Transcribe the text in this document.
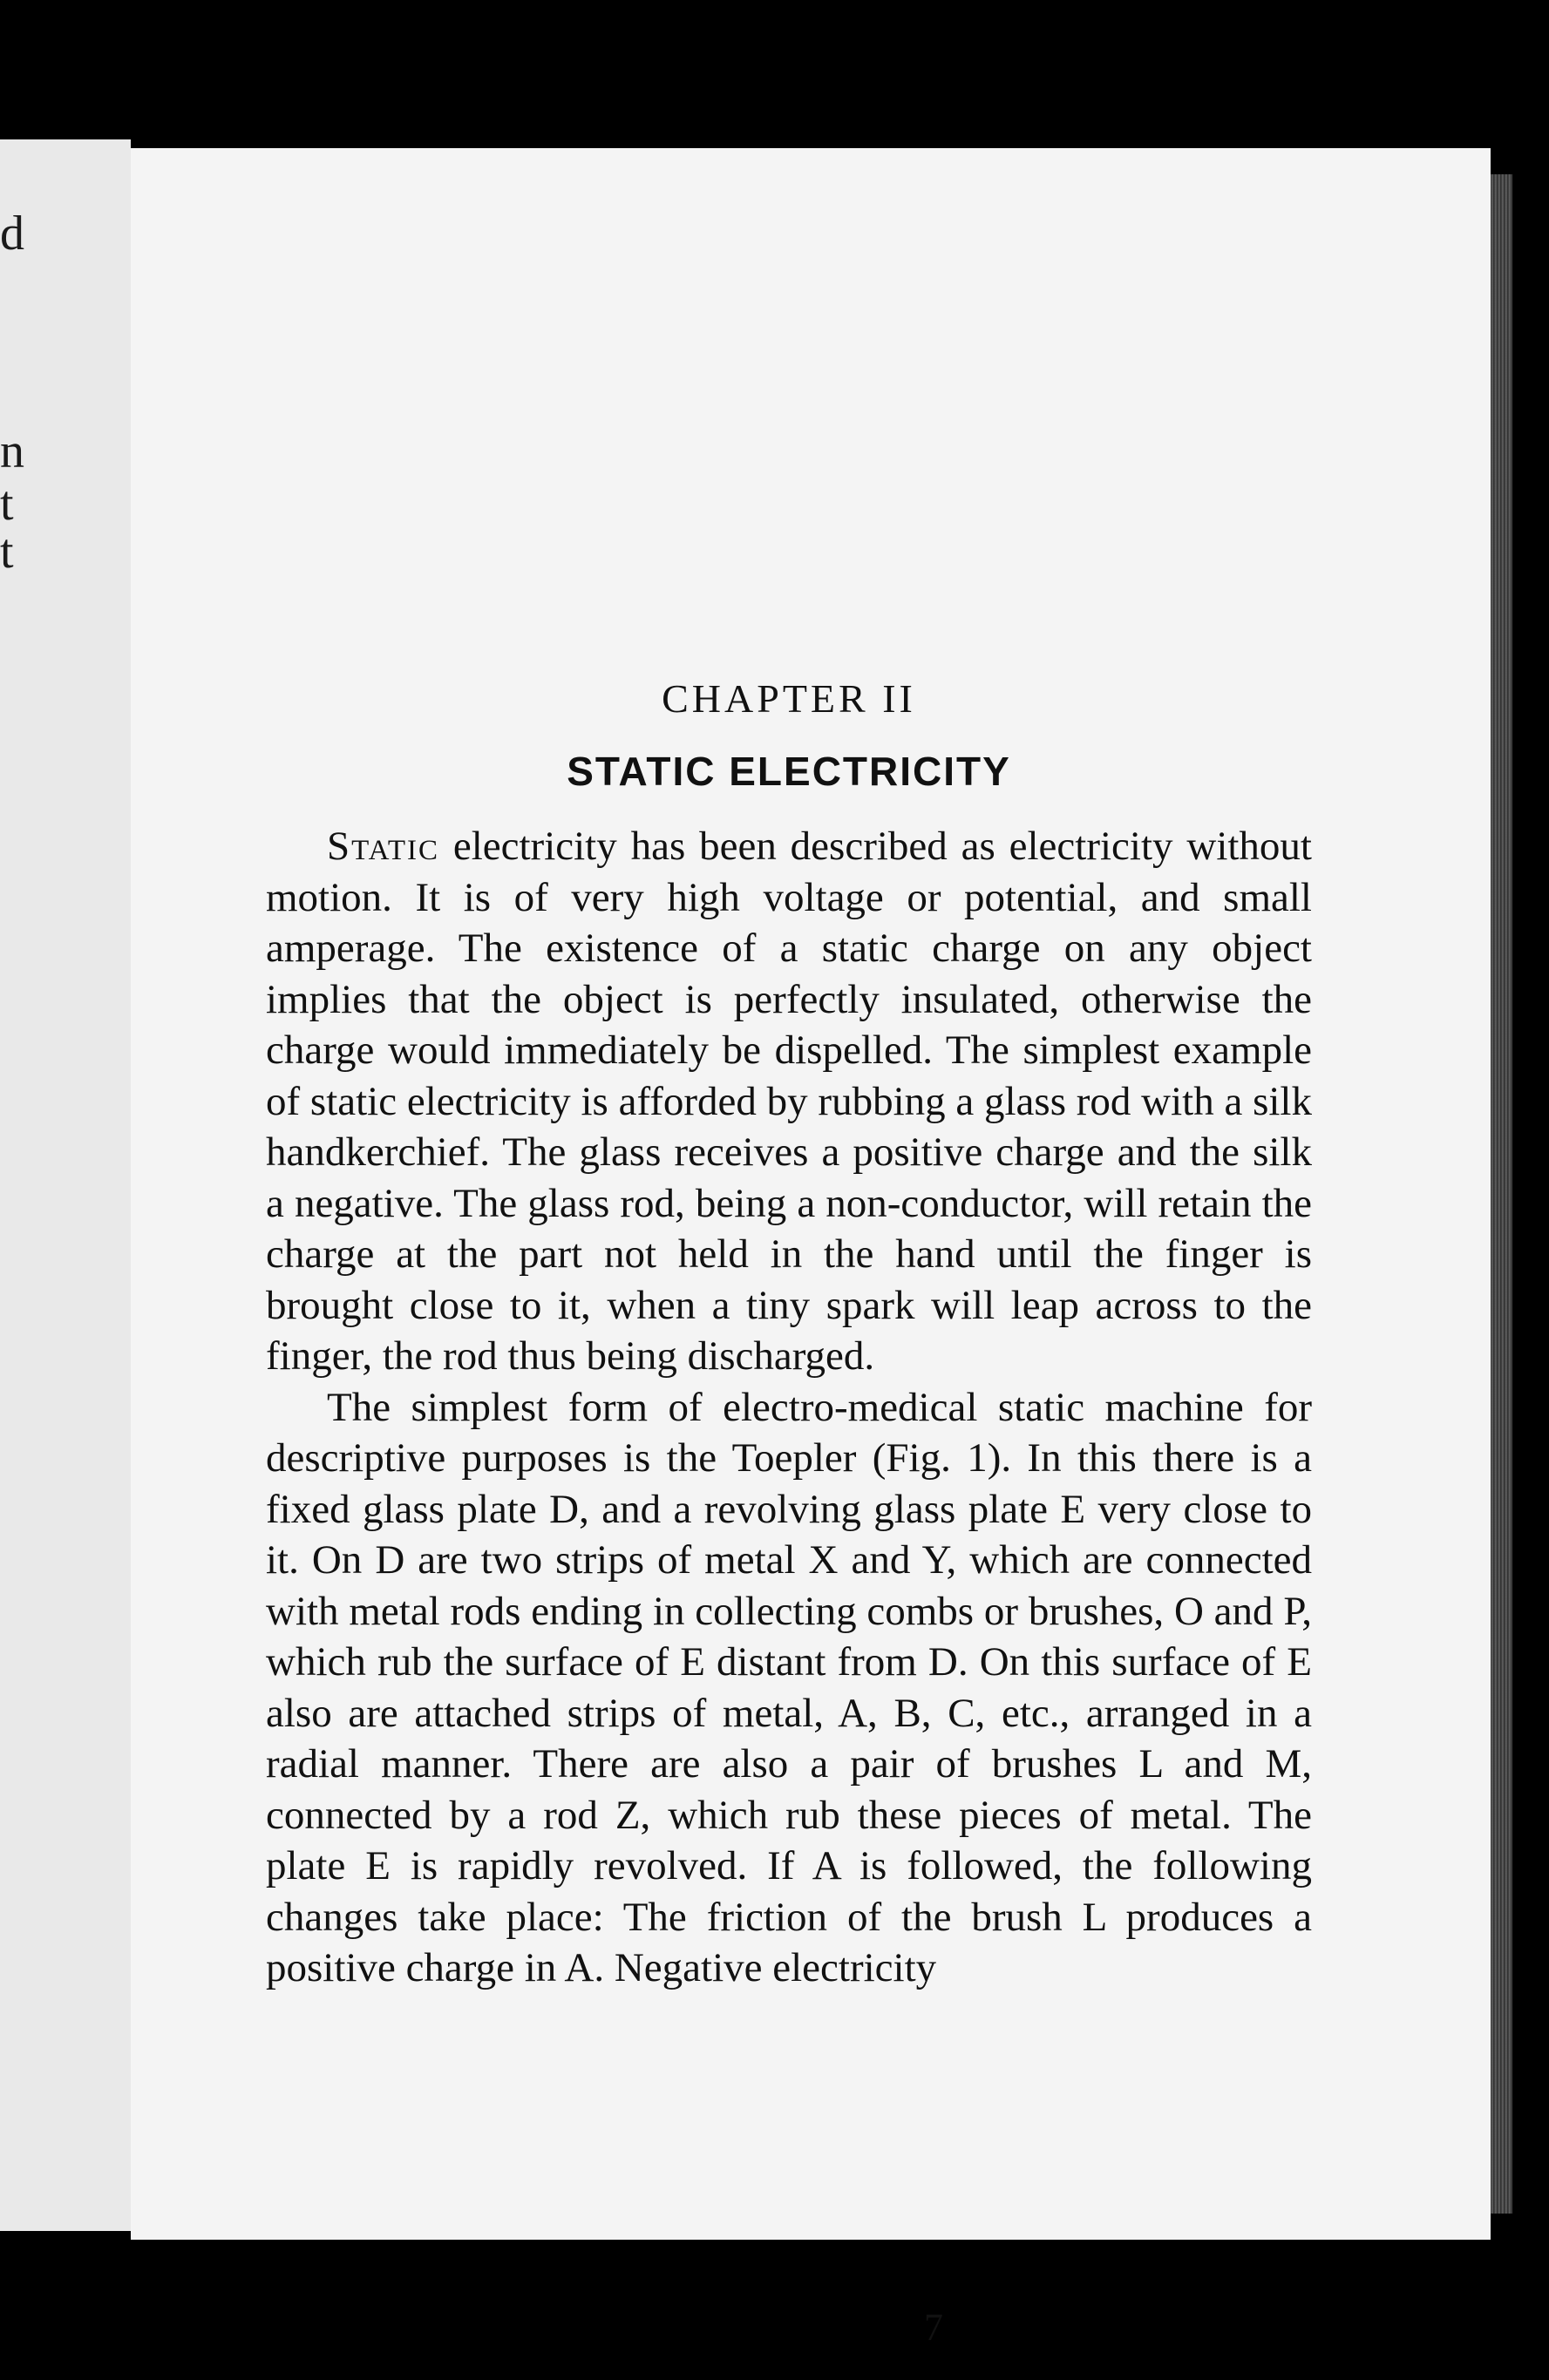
d
n
t
t
CHAPTER II
STATIC ELECTRICITY

Static electricity has been described as electricity without motion. It is of very high voltage or potential, and small amperage. The existence of a static charge on any object implies that the object is perfectly insulated, otherwise the charge would immediately be dispelled. The simplest example of static electricity is afforded by rubbing a glass rod with a silk handkerchief. The glass receives a positive charge and the silk a negative. The glass rod, being a non-conductor, will retain the charge at the part not held in the hand until the finger is brought close to it, when a tiny spark will leap across to the finger, the rod thus being discharged.

The simplest form of electro-medical static machine for descriptive purposes is the Toepler (Fig. 1). In this there is a fixed glass plate D, and a revolving glass plate E very close to it. On D are two strips of metal X and Y, which are connected with metal rods ending in collecting combs or brushes, O and P, which rub the surface of E distant from D. On this surface of E also are attached strips of metal, A, B, C, etc., arranged in a radial manner. There are also a pair of brushes L and M, connected by a rod Z, which rub these pieces of metal. The plate E is rapidly revolved. If A is followed, the following changes take place: The friction of the brush L produces a positive charge in A. Negative electricity

7
